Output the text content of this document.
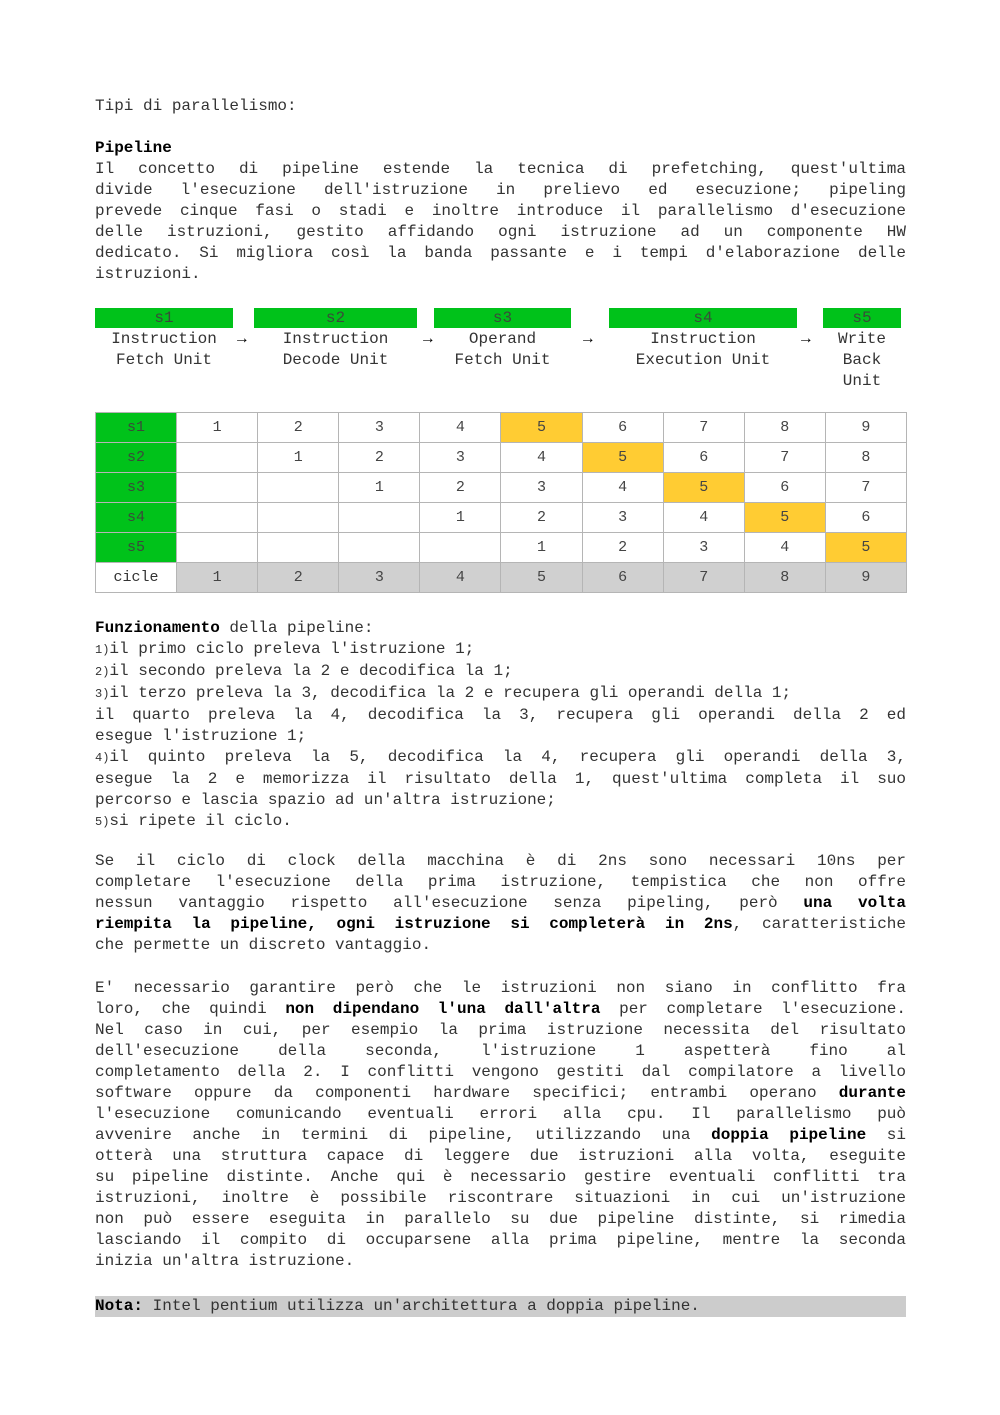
Tipi di parallelismo:

Pipeline

Il concetto di pipeline estende la tecnica di prefetching, quest'ultima

divide l'esecuzione dell'istruzione in prelievo ed esecuzione; pipeling

prevede cinque fasi o stadi e inoltre introduce il parallelismo d'esecuzione

delle istruzioni, gestito affidando ogni istruzione ad un componente HW

dedicato. Si migliora così la banda passante e i tempi d'elaborazione delle

istruzioni.

s1
Instruction
Fetch Unit
→
s2
Instruction
Decode Unit
→
s3
Operand
Fetch Unit
→
s4
Instruction
Execution Unit
→
s5
Write
Back
Unit
s1	1	2	3	4	5	6	7	8	9
s2		1	2	3	4	5	6	7	8
s3			1	2	3	4	5	6	7
s4				1	2	3	4	5	6
s5					1	2	3	4	5
cicle	1	2	3	4	5	6	7	8	9

Funzionamento della pipeline:

1)il primo ciclo preleva l'istruzione 1;

2)il secondo preleva la 2 e decodifica la 1;

3)il terzo preleva la 3, decodifica la 2 e recupera gli operandi della 1;

il quarto preleva la 4, decodifica la 3, recupera gli operandi della 2 ed

esegue l'istruzione 1;

4)il quinto preleva la 5, decodifica la 4, recupera gli operandi della 3,

esegue la 2 e memorizza il risultato della 1, quest'ultima completa il suo

percorso e lascia spazio ad un'altra istruzione;

5)si ripete il ciclo.

Se il ciclo di clock della macchina è di 2ns sono necessari 10ns per

completare l'esecuzione della prima istruzione, tempistica che non offre

nessun vantaggio rispetto all'esecuzione senza pipeling, però una volta

riempita la pipeline, ogni istruzione si completerà in 2ns, caratteristiche

che permette un discreto vantaggio.

E' necessario garantire però che le istruzioni non siano in conflitto fra

loro, che quindi non dipendano l'una dall'altra per completare l'esecuzione.

Nel caso in cui, per esempio la prima istruzione necessita del risultato

dell'esecuzione della seconda, l'istruzione 1 aspetterà fino al

completamento della 2. I conflitti vengono gestiti dal compilatore a livello

software oppure da componenti hardware specifici; entrambi operano durante

l'esecuzione comunicando eventuali errori alla cpu. Il parallelismo può

avvenire anche in termini di pipeline, utilizzando una doppia pipeline si

otterà una struttura capace di leggere due istruzioni alla volta, eseguite

su pipeline distinte. Anche qui è necessario gestire eventuali conflitti tra

istruzioni, inoltre è possibile riscontrare situazioni in cui un'istruzione

non può essere eseguita in parallelo su due pipeline distinte, si rimedia

lasciando il compito di occuparsene alla prima pipeline, mentre la seconda

inizia un'altra istruzione.

Nota: Intel pentium utilizza un'architettura a doppia pipeline.
